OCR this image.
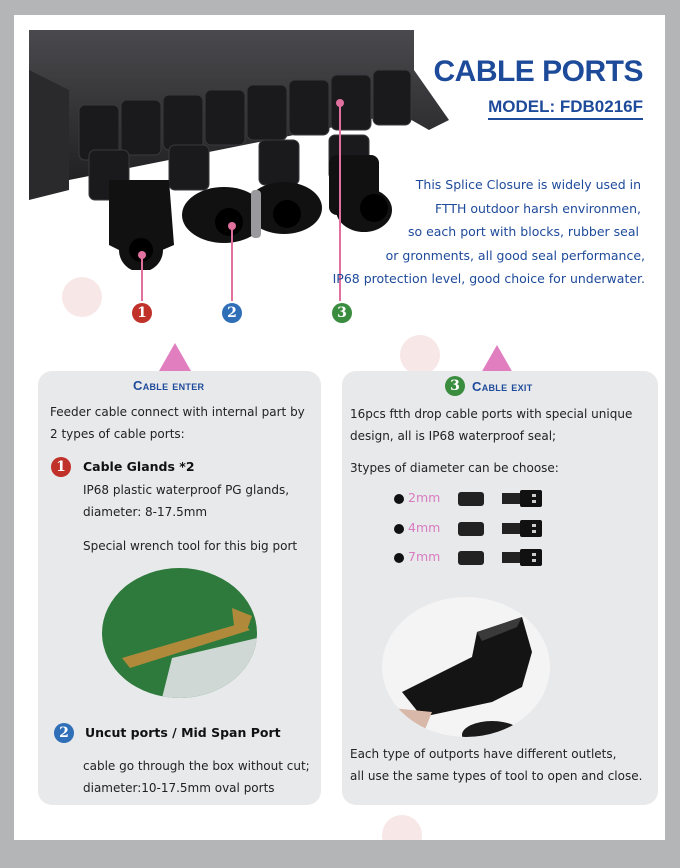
1	2	3
CABLE PORTS
MODEL: FDB0216F
This Splice Closure is widely used in
FTTH outdoor harsh environmen,
so each port with blocks, rubber seal
or gronments, all good seal performance,
IP68 protection level, good choice for underwater.
Cable enter
Feeder cable connect with internal part by
2 types of cable ports:
1	Cable Glands *2
IP68 plastic waterproof PG glands,
diameter: 8-17.5mm
Special wrench tool for this big port
2	Uncut ports / Mid Span Port
cable go through the box without cut;
diameter:10-17.5mm oval ports
3 Cable exit
16pcs ftth drop cable ports with special unique
design, all is IP68 waterproof seal;
3types of diameter can be choose:
2mm
4mm
7mm
Each type of outports have different outlets,
all use the same types of tool to open and close.
